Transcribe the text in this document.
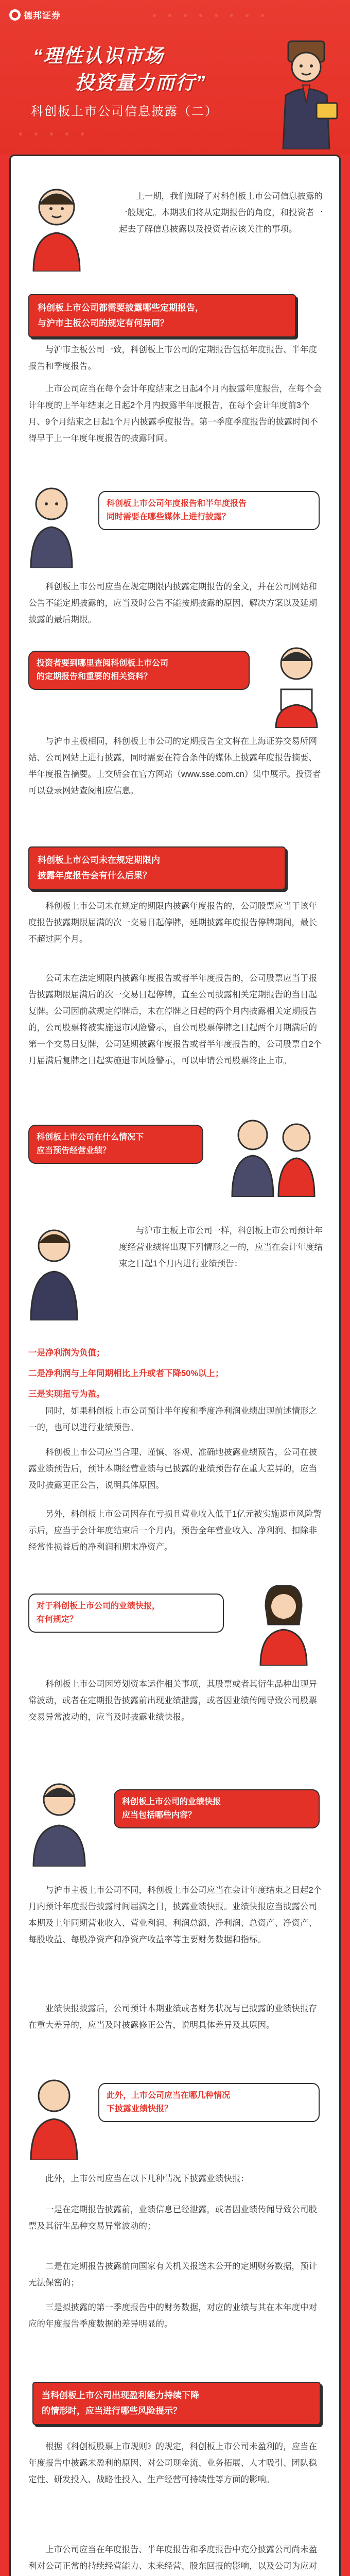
德邦证券
“理性认识市场
投资量力而行”
科创板上市公司信息披露（二）

上一期，我们知晓了对科创板上市公司信息披露的一般规定。本期我们将从定期报告的角度，和投资者一起去了解信息披露以及投资者应该关注的事项。

科创板上市公司都需要披露哪些定期报告，
与沪市主板公司的规定有何异同？

与沪市主板公司一致，科创板上市公司的定期报告包括年度报告、半年度报告和季度报告。

上市公司应当在每个会计年度结束之日起4个月内披露年度报告，在每个会计年度的上半年结束之日起2个月内披露半年度报告，在每个会计年度前3个月、9个月结束之日起1个月内披露季度报告。第一季度季度报告的披露时间不得早于上一年度年度报告的披露时间。

科创板上市公司年度报告和半年度报告
同时需要在哪些媒体上进行披露？

科创板上市公司应当在规定期限内披露定期报告的全文，并在公司网站和公告不能定期披露的，应当及时公告不能按期披露的原因、解决方案以及延期披露的最后期限。

投资者要到哪里查阅科创板上市公司
的定期报告和重要的相关资料？

与沪市主板相同，科创板上市公司的定期报告全文将在上海证券交易所网站、公司网站上进行披露，同时需要在符合条件的媒体上披露年度报告摘要、半年度报告摘要。上交所会在官方网站（www.sse.com.cn）集中展示。投资者可以登录网站查阅相应信息。

科创板上市公司未在规定期限内
披露年度报告会有什么后果？

科创板上市公司未在规定的期限内披露年度报告的，公司股票应当于该年度报告披露期限届满的次一交易日起停牌，延期披露年度报告停牌期间，最长不超过两个月。

公司未在法定期限内披露年度报告或者半年度报告的，公司股票应当于报告披露期限届满后的次一交易日起停牌，直至公司披露相关定期报告的当日起复牌。公司因前款规定停牌后，未在停牌之日起的两个月内披露相关定期报告的，公司股票将被实施退市风险警示，自公司股票停牌之日起两个月期满后的第一个交易日复牌，公司延期披露年度报告或者半年度报告的，公司股票自2个月届满后复牌之日起实施退市风险警示，可以申请公司股票终止上市。

科创板上市公司在什么情况下
应当预告经营业绩？

与沪市主板上市公司一样，科创板上市公司预计年度经营业绩将出现下列情形之一的，应当在会计年度结束之日起1个月内进行业绩预告：

一是净利润为负值；

二是净利润与上年同期相比上升或者下降50%以上；

三是实现扭亏为盈。

同时，如果科创板上市公司预计半年度和季度净利润业绩出现前述情形之一的，也可以进行业绩预告。

科创板上市公司应当合理、谨慎、客观、准确地披露业绩预告，公司在披露业绩预告后，预计本期经营业绩与已披露的业绩预告存在重大差异的，应当及时披露更正公告，说明具体原因。

另外，科创板上市公司因存在亏损且营业收入低于1亿元被实施退市风险警示后，应当于会计年度结束后一个月内，预告全年营业收入、净利润、扣除非经常性损益后的净利润和期末净资产。

对于科创板上市公司的业绩快报，
有何规定？

科创板上市公司因筹划资本运作相关事项，其股票或者其衍生品种出现异常波动，或者在定期报告披露前出现业绩泄露，或者因业绩传闻导致公司股票交易异常波动的，应当及时披露业绩快报。

科创板上市公司的业绩快报
应当包括哪些内容？

与沪市主板上市公司不同，科创板上市公司应当在会计年度结束之日起2个月内预计年度报告披露时间届满之日，披露业绩快报。业绩快报应当披露公司本期及上年同期营业收入、营业利润、利润总额、净利润、总资产、净资产、每股收益、每股净资产和净资产收益率等主要财务数据和指标。

业绩快报披露后，公司预计本期业绩或者财务状况与已披露的业绩快报存在重大差异的，应当及时披露修正公告，说明具体差异及其原因。

此外，上市公司应当在哪几种情况
下披露业绩快报？

此外，上市公司应当在以下几种情况下披露业绩快报：

一是在定期报告披露前，业绩信息已经泄露，或者因业绩传闻导致公司股票及其衍生品种交易异常波动的；

二是在定期报告披露前向国家有关机关报送未公开的定期财务数据，预计无法保密的；

三是拟披露的第一季度报告中的财务数据，对应的业绩与其在本年度中对应的年度报告季度数据的差异明显的。

当科创板上市公司出现盈利能力持续下降
的情形时，应当进行哪些风险提示？

根据《科创板股票上市规则》的规定，科创板上市公司未盈利的，应当在年度报告中披露未盈利的原因、对公司现金流、业务拓展、人才吸引、团队稳定性、研发投入、战略性投入、生产经营可持续性等方面的影响。

上市公司应当在年度报告、半年度报告和季度报告中充分披露公司尚未盈利对公司正常的持续经营能力、未来经营、股东回报的影响，以及公司为应对
